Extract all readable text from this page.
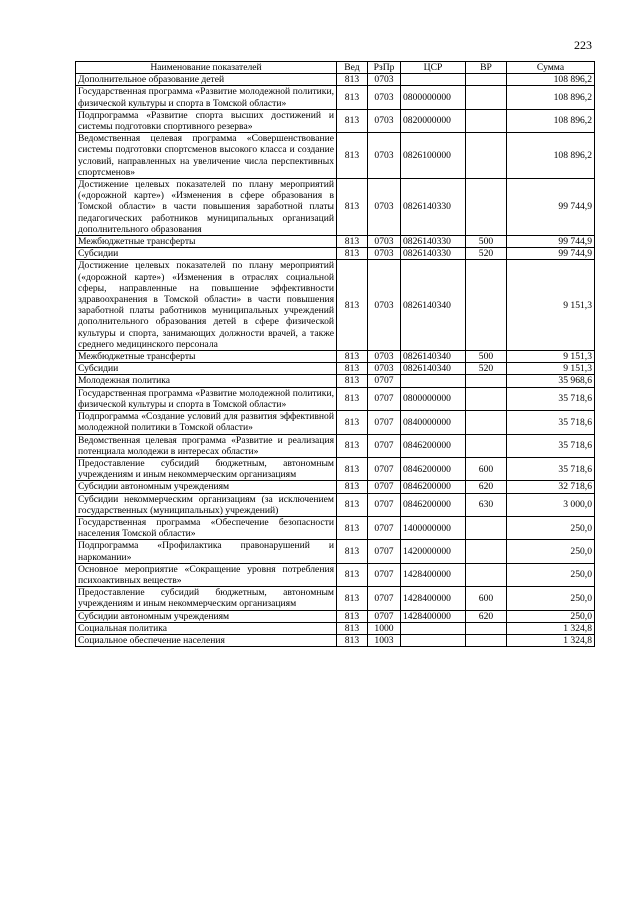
223
Наименование показателей	Вед	РзПр	ЦСР	ВР	Сумма
Дополнительное образование детей	813	0703			108 896,2
Государственная программа «Развитие молодежной политики, физической культуры и спорта в Томской области»	813	0703	0800000000		108 896,2
Подпрограмма «Развитие спорта высших достижений и системы подготовки спортивного резерва»	813	0703	0820000000		108 896,2
Ведомственная целевая программа «Совершенствование системы подготовки спортсменов высокого класса и создание условий, направленных на увеличение числа перспективных спортсменов»	813	0703	0826100000		108 896,2
Достижение целевых показателей по плану мероприятий («дорожной карте») «Изменения в сфере образования в Томской области» в части повышения заработной платы педагогических работников муниципальных организаций дополнительного образования	813	0703	0826140330		99 744,9
Межбюджетные трансферты	813	0703	0826140330	500	99 744,9
Субсидии	813	0703	0826140330	520	99 744,9
Достижение целевых показателей по плану мероприятий («дорожной карте») «Изменения в отраслях социальной сферы, направленные на повышение эффективности здравоохранения в Томской области» в части повышения заработной платы работников муниципальных учреждений дополнительного образования детей в сфере физической культуры и спорта, занимающих должности врачей, а также среднего медицинского персонала	813	0703	0826140340		9 151,3
Межбюджетные трансферты	813	0703	0826140340	500	9 151,3
Субсидии	813	0703	0826140340	520	9 151,3
Молодежная политика	813	0707			35 968,6
Государственная программа «Развитие молодежной политики, физической культуры и спорта в Томской области»	813	0707	0800000000		35 718,6
Подпрограмма «Создание условий для развития эффективной молодежной политики в Томской области»	813	0707	0840000000		35 718,6
Ведомственная целевая программа «Развитие и реализация потенциала молодежи в интересах области»	813	0707	0846200000		35 718,6
Предоставление субсидий бюджетным, автономным учреждениям и иным некоммерческим организациям	813	0707	0846200000	600	35 718,6
Субсидии автономным учреждениям	813	0707	0846200000	620	32 718,6
Субсидии некоммерческим организациям (за исключением государственных (муниципальных) учреждений)	813	0707	0846200000	630	3 000,0
Государственная программа «Обеспечение безопасности населения Томской области»	813	0707	1400000000		250,0
Подпрограмма «Профилактика правонарушений и наркомании»	813	0707	1420000000		250,0
Основное мероприятие «Сокращение уровня потребления психоактивных веществ»	813	0707	1428400000		250,0
Предоставление субсидий бюджетным, автономным учреждениям и иным некоммерческим организациям	813	0707	1428400000	600	250,0
Субсидии автономным учреждениям	813	0707	1428400000	620	250,0
Социальная политика	813	1000			1 324,8
Социальное обеспечение населения	813	1003			1 324,8
